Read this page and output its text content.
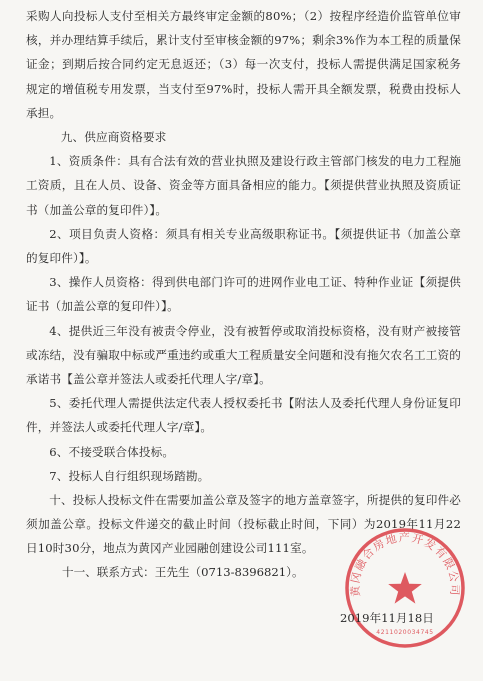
采购人向投标人支付至相关方最终审定金额的80%；（2）按程序经造价监管单位审核，并办理结算手续后，累计支付至审核金额的97%；剩余3%作为本工程的质量保证金；到期后按合同约定无息返还；（3）每一次支付，投标人需提供满足国家税务规定的增值税专用发票，当支付至97%时，投标人需开具全额发票，税费由投标人承担。

九、供应商资格要求

1、资质条件：具有合法有效的营业执照及建设行政主管部门核发的电力工程施工资质，且在人员、设备、资金等方面具备相应的能力。【须提供营业执照及资质证书（加盖公章的复印件）】。

2、项目负责人资格：须具有相关专业高级职称证书。【须提供证书（加盖公章的复印件）】。

3、操作人员资格：得到供电部门许可的进网作业电工证、特种作业证【须提供证书（加盖公章的复印件）】。

4、提供近三年没有被责令停业，没有被暂停或取消投标资格，没有财产被接管或冻结，没有骗取中标或严重违约或重大工程质量安全问题和没有拖欠农名工工资的承诺书【盖公章并签法人或委托代理人字/章】。

5、委托代理人需提供法定代表人授权委托书【附法人及委托代理人身份证复印件，并签法人或委托代理人字/章】。

6、不接受联合体投标。

7、投标人自行组织现场踏勘。

十、投标人投标文件在需要加盖公章及签字的地方盖章签字，所提供的复印件必须加盖公章。投标文件递交的截止时间（投标截止时间，下同）为2019年11月22日10时30分，地点为黄冈产业园融创建设公司111室。

十一、联系方式：王先生（0713-8396821）。
黄冈融合房地产开发有限公司
4211020034745
2019年11月18日
